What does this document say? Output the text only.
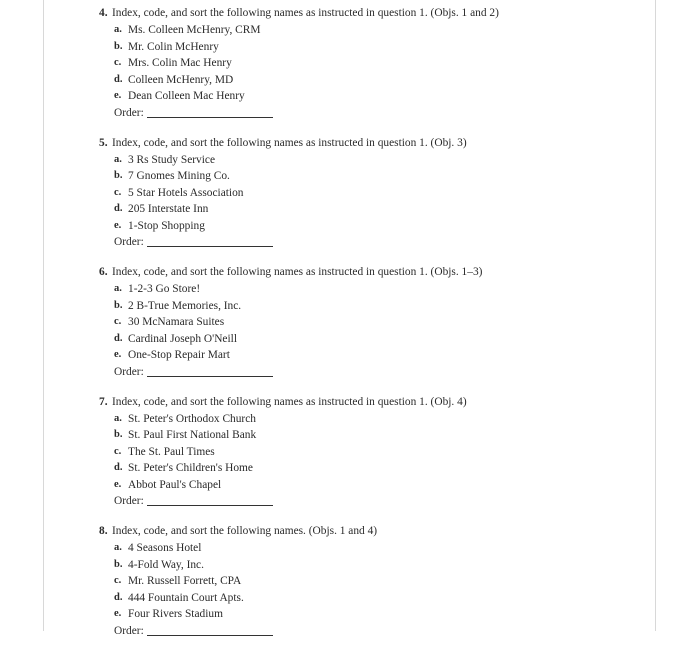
4. Index, code, and sort the following names as instructed in question 1. (Objs. 1 and 2)
a. Ms. Colleen McHenry, CRM
b. Mr. Colin McHenry
c. Mrs. Colin Mac Henry
d. Colleen McHenry, MD
e. Dean Colleen Mac Henry
Order:
5. Index, code, and sort the following names as instructed in question 1. (Obj. 3)
a. 3 Rs Study Service
b. 7 Gnomes Mining Co.
c. 5 Star Hotels Association
d. 205 Interstate Inn
e. 1-Stop Shopping
Order:
6. Index, code, and sort the following names as instructed in question 1. (Objs. 1–3)
a. 1-2-3 Go Store!
b. 2 B-True Memories, Inc.
c. 30 McNamara Suites
d. Cardinal Joseph O'Neill
e. One-Stop Repair Mart
Order:
7. Index, code, and sort the following names as instructed in question 1. (Obj. 4)
a. St. Peter's Orthodox Church
b. St. Paul First National Bank
c. The St. Paul Times
d. St. Peter's Children's Home
e. Abbot Paul's Chapel
Order:
8. Index, code, and sort the following names. (Objs. 1 and 4)
a. 4 Seasons Hotel
b. 4-Fold Way, Inc.
c. Mr. Russell Forrett, CPA
d. 444 Fountain Court Apts.
e. Four Rivers Stadium
Order:
